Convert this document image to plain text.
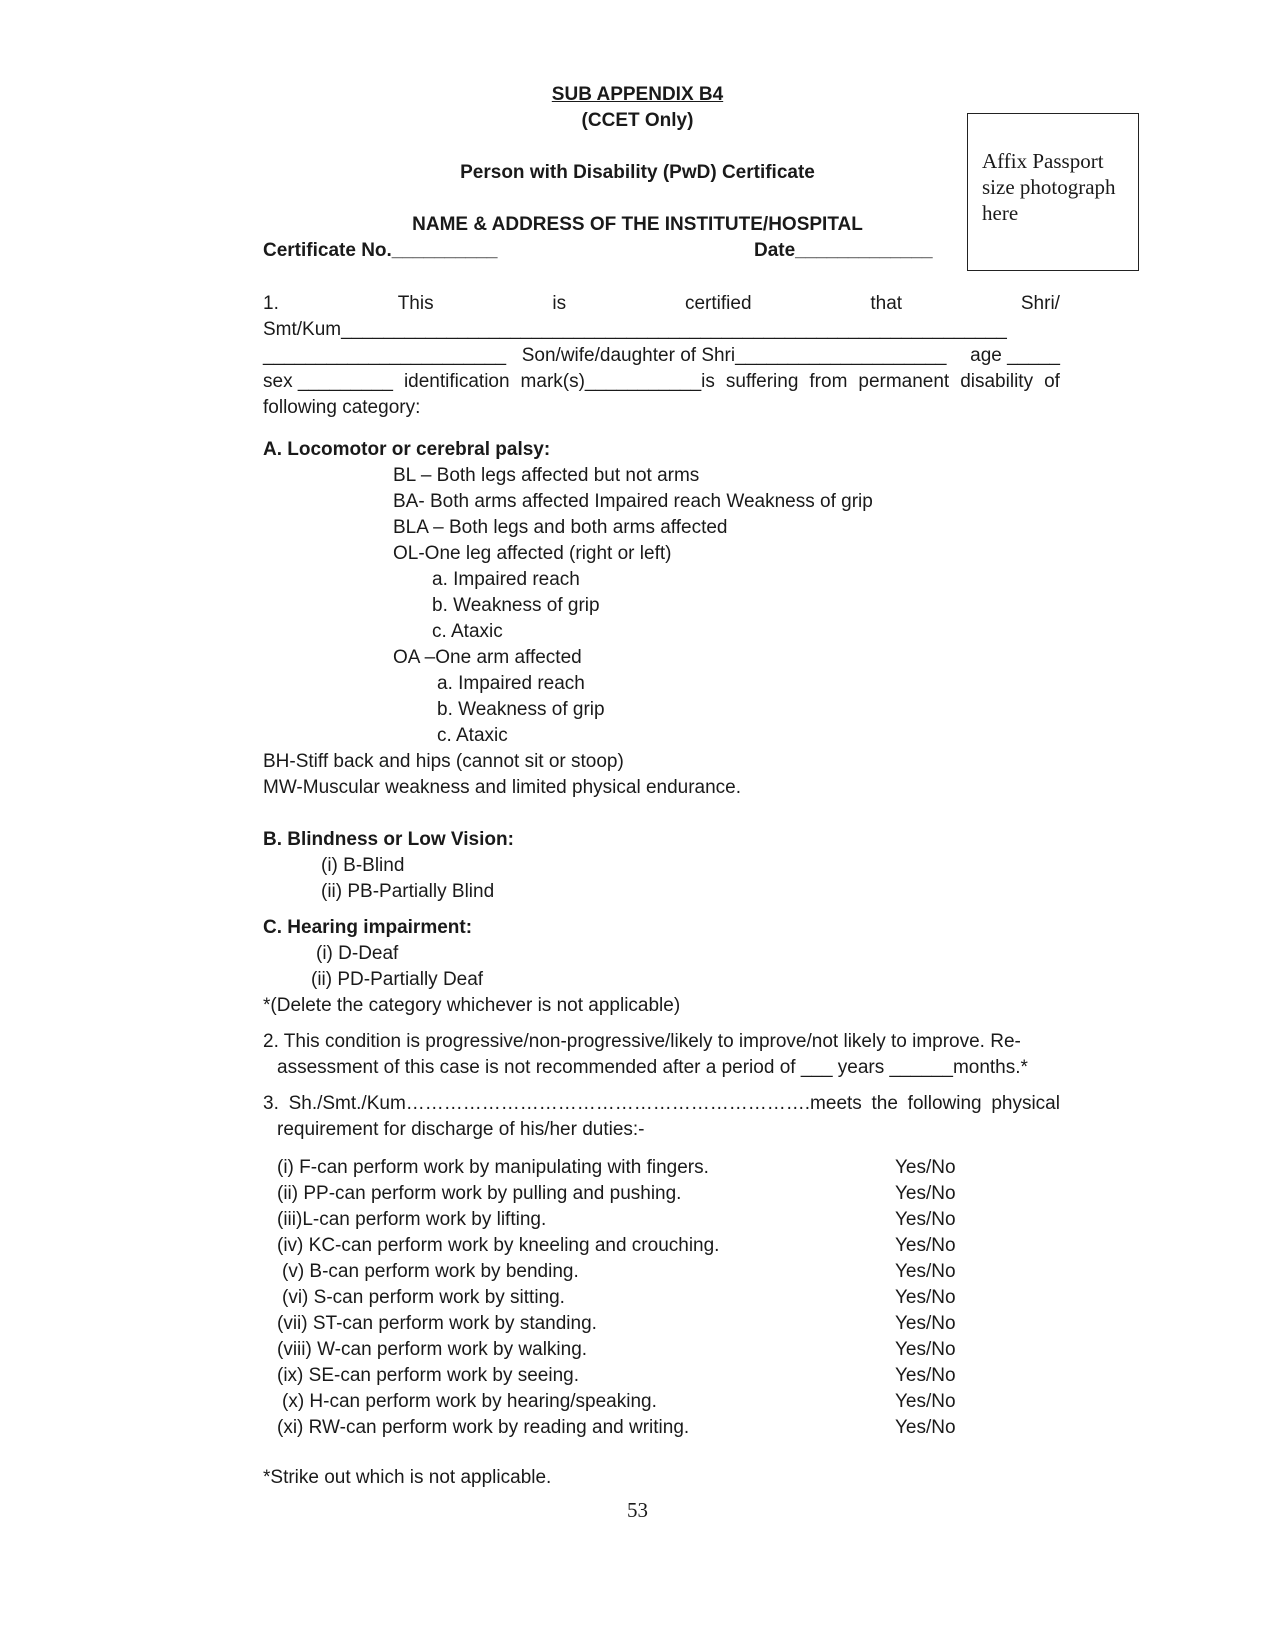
SUB APPENDIX B4
(CCET Only)
Person with Disability (PwD) Certificate
NAME & ADDRESS OF THE INSTITUTE/HOSPITAL
Certificate No.__________	Date_____________
Affix Passport
size photograph
here
1.	This	is	certified	that	Shri/
Smt/Kum_______________________________________________________________
_______________________ Son/wife/daughter of Shri____________________ age _____
sex _________ identification mark(s)___________is suffering from permanent disability of
following category:
A. Locomotor or cerebral palsy:
BL – Both legs affected but not arms
BA- Both arms affected Impaired reach Weakness of grip
BLA – Both legs and both arms affected
OL-One leg affected (right or left)
a. Impaired reach
b. Weakness of grip
c. Ataxic
OA –One arm affected
a. Impaired reach
b. Weakness of grip
c. Ataxic
BH-Stiff back and hips (cannot sit or stoop)
MW-Muscular weakness and limited physical endurance.
B. Blindness or Low Vision:
(i) B-Blind
(ii) PB-Partially Blind
C. Hearing impairment:
(i) D-Deaf
(ii) PD-Partially Deaf
*(Delete the category whichever is not applicable)
2. This condition is progressive/non-progressive/likely to improve/not likely to improve. Re-
assessment of this case is not recommended after a period of ___ years ______months.*
3. Sh./Smt./Kum……………………………………………………….meets the following physical
requirement for discharge of his/her duties:-
(i) F-can perform work by manipulating with fingers.	Yes/No
(ii) PP-can perform work by pulling and pushing.	Yes/No
(iii)L-can perform work by lifting.	Yes/No
(iv) KC-can perform work by kneeling and crouching.	Yes/No
(v) B-can perform work by bending.	Yes/No
(vi) S-can perform work by sitting.	Yes/No
(vii) ST-can perform work by standing.	Yes/No
(viii) W-can perform work by walking.	Yes/No
(ix) SE-can perform work by seeing.	Yes/No
(x) H-can perform work by hearing/speaking.	Yes/No
(xi) RW-can perform work by reading and writing.	Yes/No
*Strike out which is not applicable.
53
